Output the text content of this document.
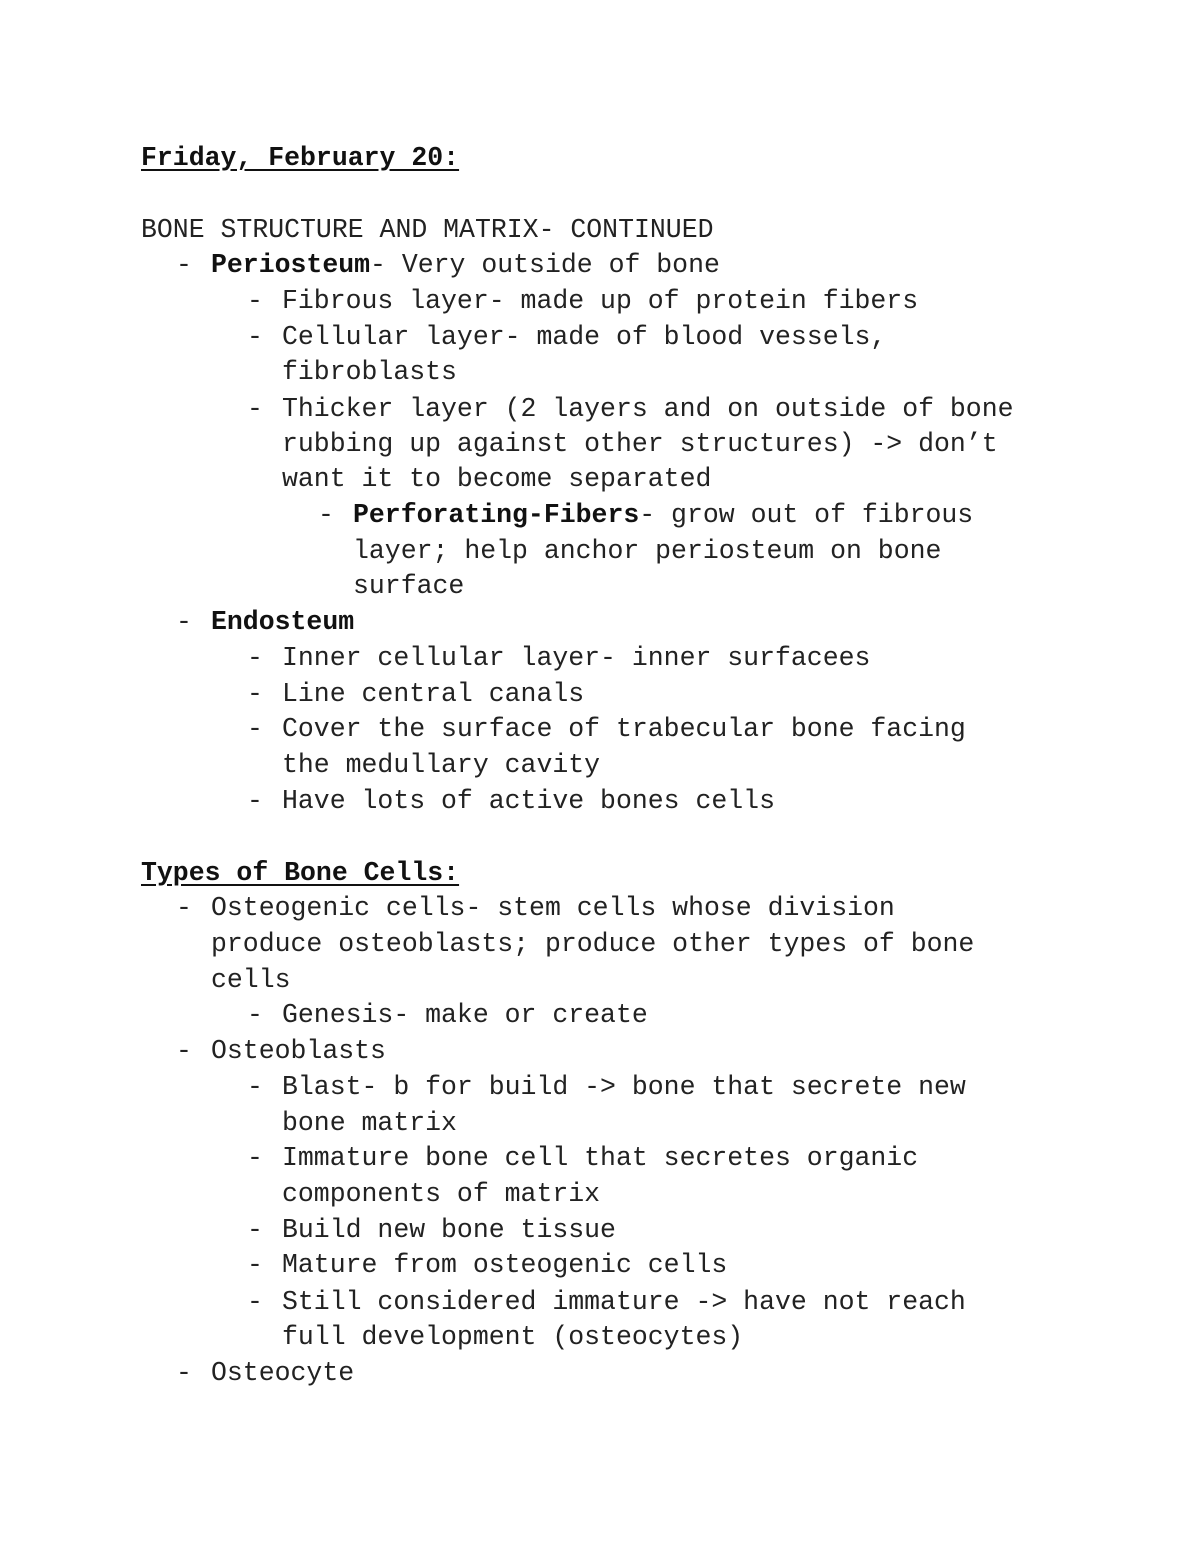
Friday, February 20:
BONE STRUCTURE AND MATRIX- CONTINUED
- Periosteum- Very outside of bone
- Fibrous layer- made up of protein fibers
- Cellular layer- made of blood vessels,
fibroblasts
- Thicker layer (2 layers and on outside of bone
rubbing up against other structures) -> don’t
want it to become separated
- Perforating-Fibers- grow out of fibrous
layer; help anchor periosteum on bone
surface
- Endosteum
- Inner cellular layer- inner surfacees
- Line central canals
- Cover the surface of trabecular bone facing
the medullary cavity
- Have lots of active bones cells
Types of Bone Cells:
- Osteogenic cells- stem cells whose division
produce osteoblasts; produce other types of bone
cells
- Genesis- make or create
- Osteoblasts
- Blast- b for build -> bone that secrete new
bone matrix
- Immature bone cell that secretes organic
components of matrix
- Build new bone tissue
- Mature from osteogenic cells
- Still considered immature -> have not reach
full development (osteocytes)
- Osteocyte
